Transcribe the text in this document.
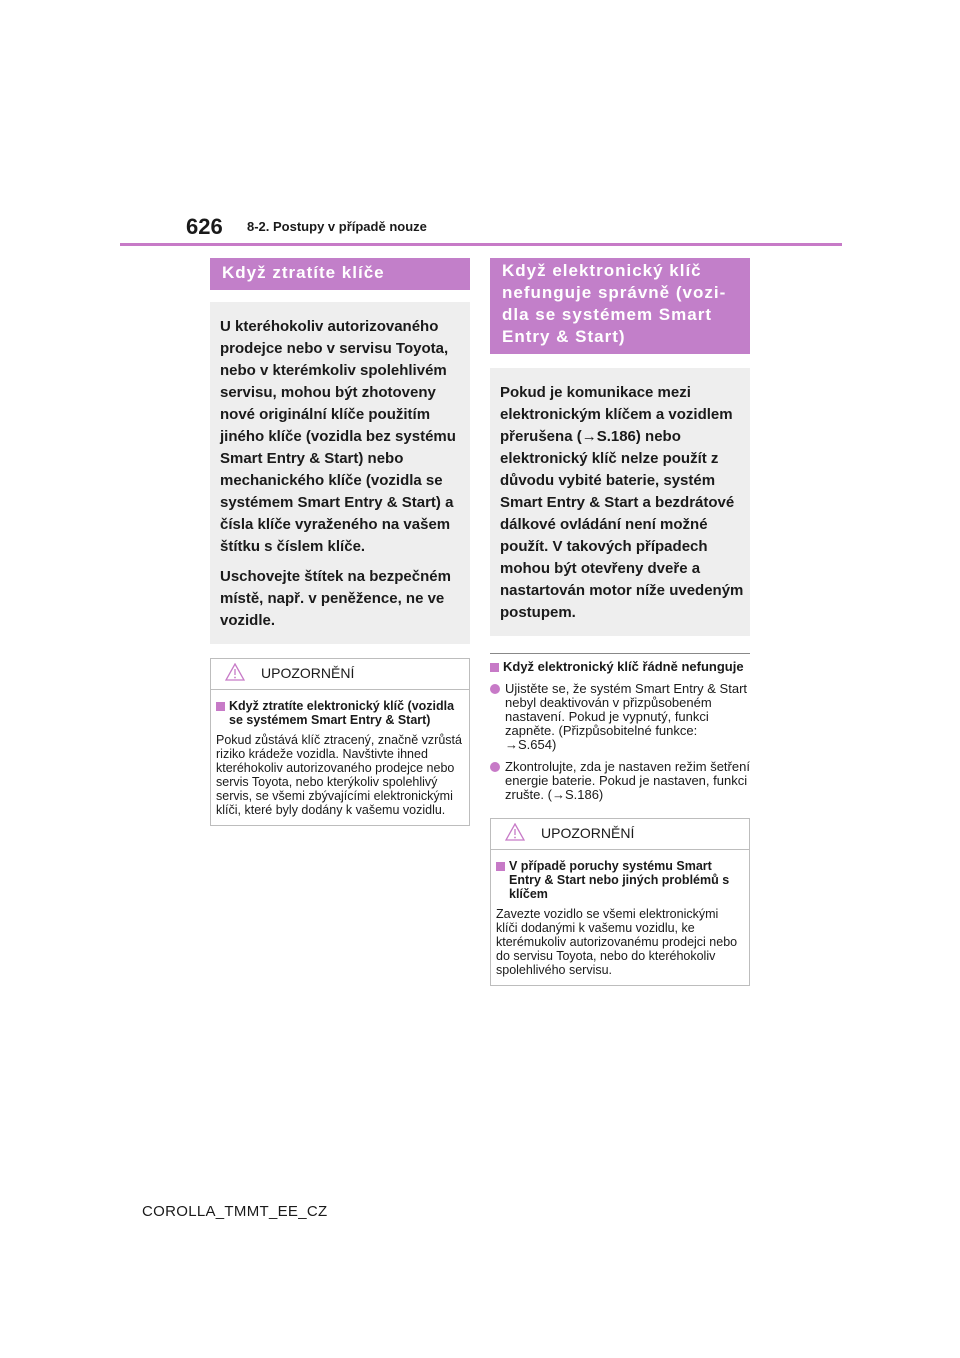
626 8-2. Postupy v případě nouze
Když ztratíte klíče

U kteréhokoliv autorizovaného prodejce nebo v servisu Toyota, nebo v kterémkoliv spolehlivém servisu, mohou být zhotoveny nové originální klíče použitím jiného klíče (vozidla bez systému Smart Entry & Start) nebo mechanického klíče (vozidla se systémem Smart Entry & Start) a čísla klíče vyraženého na vašem štítku s číslem klíče.

Uschovejte štítek na bezpečném místě, např. v peněžence, ne ve vozidle.

UPOZORNĚNÍ
Když ztratíte elektronický klíč (vozidla se systémem Smart Entry & Start)

Pokud zůstává klíč ztracený, značně vzrůstá riziko krádeže vozidla. Navštivte ihned kteréhokoliv autorizovaného prodejce nebo servis Toyota, nebo kterýkoliv spolehlivý servis, se všemi zbývajícími elektronickými klíči, které byly dodány k vašemu vozidlu.

Když elektronický klíč
nefunguje správně (vozi-
dla se systémem Smart
Entry & Start)

Pokud je komunikace mezi elektronickým klíčem a vozidlem přerušena (→S.186) nebo elektronický klíč nelze použít z důvodu vybité baterie, systém Smart Entry & Start a bezdrátové dálkové ovládání není možné použít. V takových případech mohou být otevřeny dveře a nastartován motor níže uvedeným postupem.

Když elektronický klíč řádně nefunguje
Ujistěte se, že systém Smart Entry & Start nebyl deaktivován v přizpůsobeném nastavení. Pokud je vypnutý, funkci zapněte. (Přizpůsobitelné funkce: →S.654)
Zkontrolujte, zda je nastaven režim šetření energie baterie. Pokud je nastaven, funkci zrušte. (→S.186)
UPOZORNĚNÍ
V případě poruchy systému Smart Entry & Start nebo jiných problémů s klíčem

Zavezte vozidlo se všemi elektronickými klíči dodanými k vašemu vozidlu, ke kterémukoliv autorizovanému prodejci nebo do servisu Toyota, nebo do kteréhokoliv spolehlivého servisu.

COROLLA_TMMT_EE_CZ
